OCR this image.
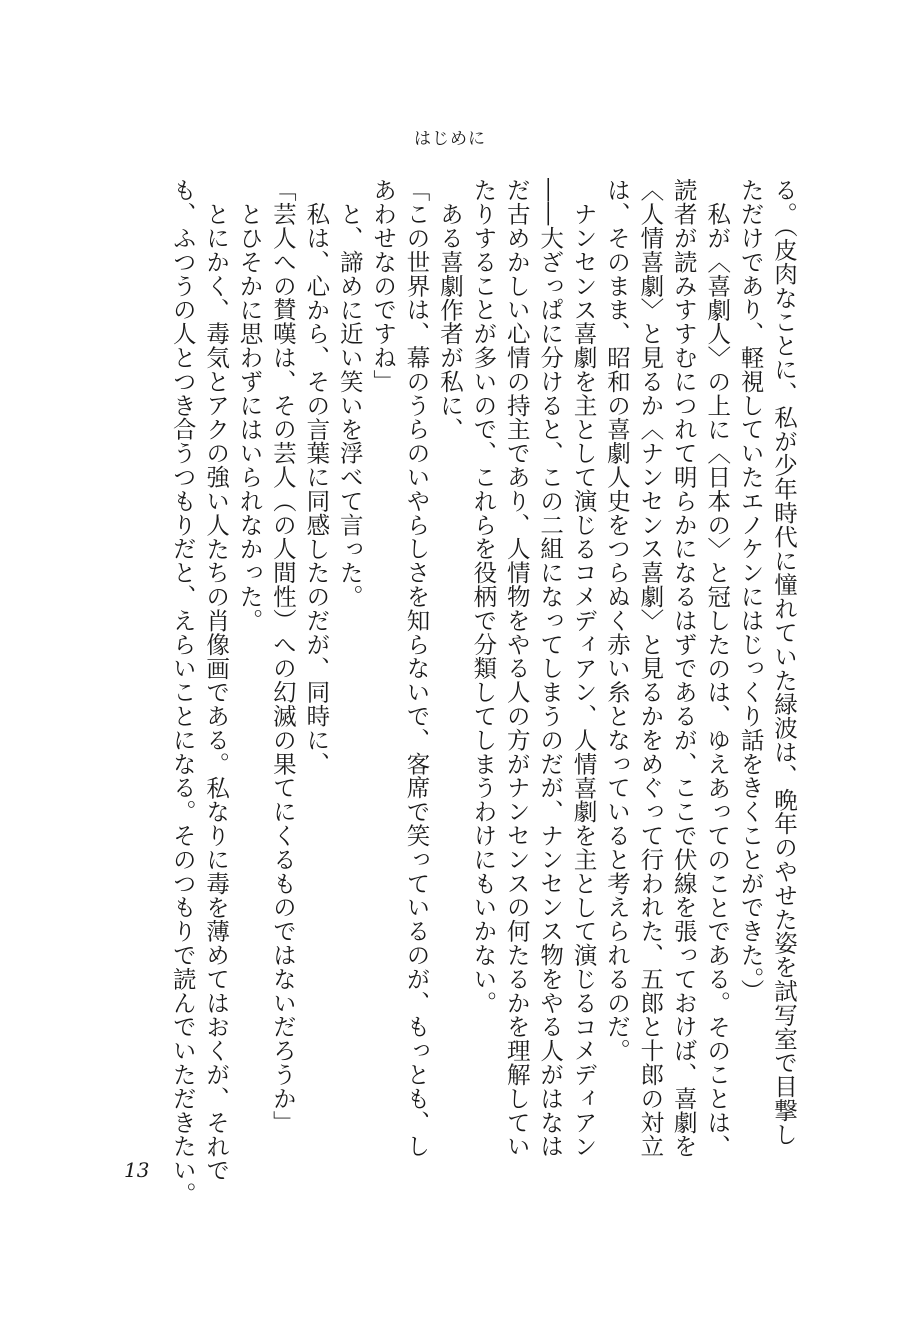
はじめに
る。（皮肉なことに、私が少年時代に憧れていた緑波は、晩年のやせた姿を試写室で目撃し
ただけであり、軽視していたエノケンにはじっくり話をきくことができた。）
私が〈喜劇人〉の上に〈日本の〉と冠したのは、ゆえあってのことである。そのことは、
読者が読みすすむにつれて明らかになるはずであるが、ここで伏線を張っておけば、喜劇を
〈人情喜劇〉と見るか〈ナンセンス喜劇〉と見るかをめぐって行われた、五郎と十郎の対立
は、そのまま、昭和の喜劇人史をつらぬく赤い糸となっていると考えられるのだ。
ナンセンス喜劇を主として演じるコメディアン、人情喜劇を主として演じるコメディアン
――大ざっぱに分けると、この二組になってしまうのだが、ナンセンス物をやる人がはなは
だ古めかしい心情の持主であり、人情物をやる人の方がナンセンスの何たるかを理解してい
たりすることが多いので、これらを役柄で分類してしまうわけにもいかない。
ある喜劇作者が私に、
「この世界は、幕のうらのいやらしさを知らないで、客席で笑っているのが、もっとも、し
あわせなのですね」
と、諦めに近い笑いを浮べて言った。
私は、心から、その言葉に同感したのだが、同時に、
「芸人への賛嘆は、その芸人（の人間性）への幻滅の果てにくるものではないだろうか」
とひそかに思わずにはいられなかった。
とにかく、毒気とアクの強い人たちの肖像画である。私なりに毒を薄めてはおくが、それで
も、ふつうの人とつき合うつもりだと、えらいことになる。そのつもりで読んでいただきたい。
13
